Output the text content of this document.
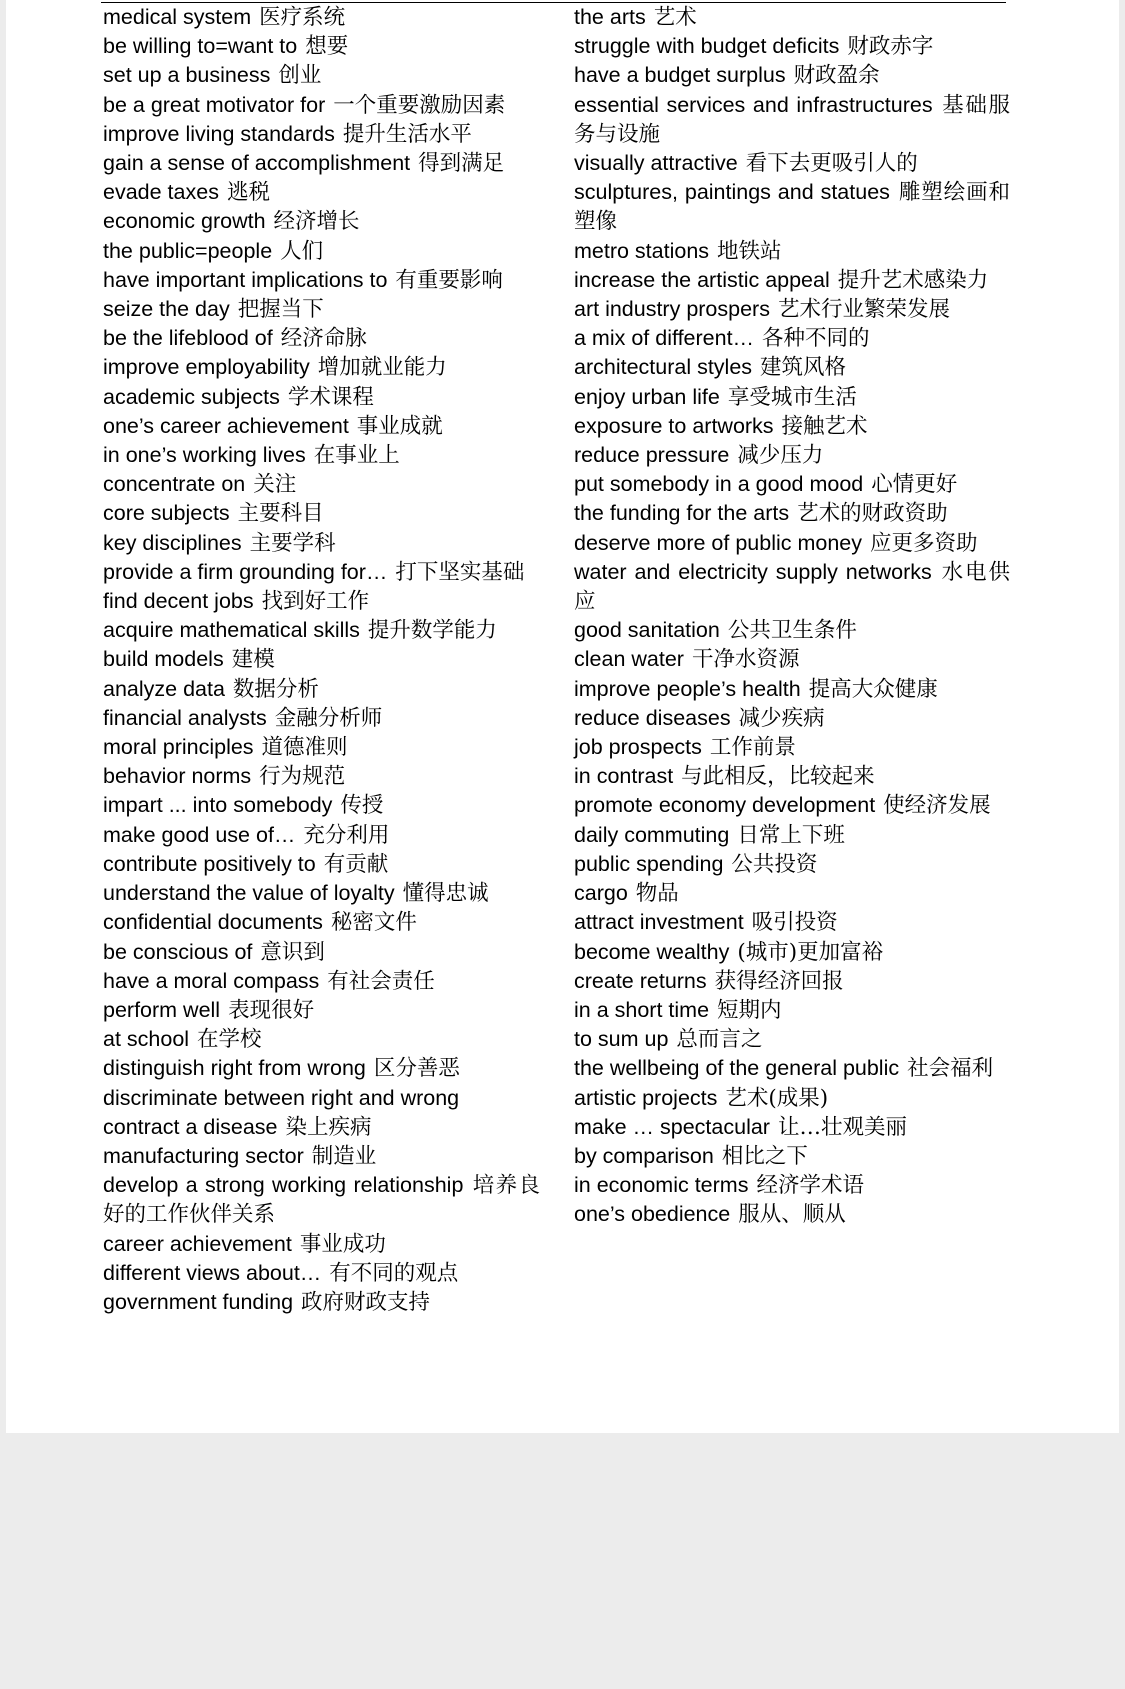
medical system 医疗系统

be willing to=want to 想要

set up a business 创业

be a great motivator for 一个重要激励因素

improve living standards 提升生活水平

gain a sense of accomplishment 得到满足

evade taxes 逃税

economic growth 经济增长

the public=people 人们

have important implications to 有重要影响

seize the day 把握当下

be the lifeblood of 经济命脉

improve employability 增加就业能力

academic subjects 学术课程

one’s career achievement 事业成就

in one’s working lives 在事业上

concentrate on 关注

core subjects 主要科目

key disciplines 主要学科

provide a firm grounding for… 打下坚实基础

find decent jobs 找到好工作

acquire mathematical skills 提升数学能力

build models 建模

analyze data 数据分析

financial analysts 金融分析师

moral principles 道德准则

behavior norms 行为规范

impart ... into somebody 传授

make good use of… 充分利用

contribute positively to 有贡献

understand the value of loyalty 懂得忠诚

confidential documents 秘密文件

be conscious of 意识到

have a moral compass 有社会责任

perform well 表现很好

at school 在学校

distinguish right from wrong 区分善恶

discriminate between right and wrong

contract a disease 染上疾病

manufacturing sector 制造业

develop a strong working relationship 培养良好的工作伙伴关系

career achievement 事业成功

different views about… 有不同的观点

government funding 政府财政支持

the arts 艺术

struggle with budget deficits 财政赤字

have a budget surplus 财政盈余

essential services and infrastructures 基础服务与设施

visually attractive 看下去更吸引人的

sculptures, paintings and statues 雕塑绘画和塑像

metro stations 地铁站

increase the artistic appeal 提升艺术感染力

art industry prospers 艺术行业繁荣发展

a mix of different… 各种不同的

architectural styles 建筑风格

enjoy urban life 享受城市生活

exposure to artworks 接触艺术

reduce pressure 减少压力

put somebody in a good mood 心情更好

the funding for the arts 艺术的财政资助

deserve more of public money 应更多资助

water and electricity supply networks 水电供应

good sanitation 公共卫生条件

clean water 干净水资源

improve people’s health 提高大众健康

reduce diseases 减少疾病

job prospects 工作前景

in contrast 与此相反，比较起来

promote economy development 使经济发展

daily commuting 日常上下班

public spending 公共投资

cargo 物品

attract investment 吸引投资

become wealthy (城市)更加富裕

create returns 获得经济回报

in a short time 短期内

to sum up 总而言之

the wellbeing of the general public 社会福利

artistic projects 艺术(成果)

make … spectacular 让…壮观美丽

by comparison 相比之下

in economic terms 经济学术语

one’s obedience 服从、顺从
